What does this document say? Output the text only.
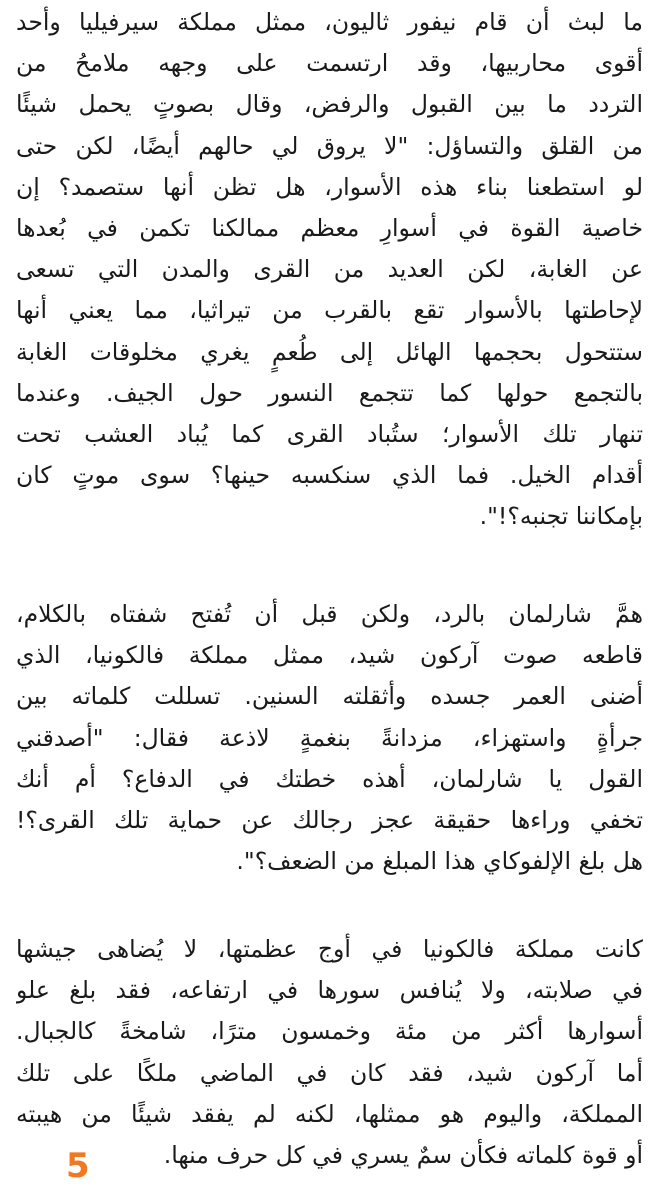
ما لبث أن قام نيفور ثاليون، ممثل مملكة سيرفيليا وأحد
أقوى محاربيها، وقد ارتسمت على وجهه ملامحُ من
التردد ما بين القبول والرفض، وقال بصوتٍ يحمل شيئًا
من القلق والتساؤل: "لا يروق لي حالهم أيضًا، لكن حتى
لو استطعنا بناء هذه الأسوار، هل تظن أنها ستصمد؟ إن
خاصية القوة في أسوارِ معظم ممالكنا تكمن في بُعدها
عن الغابة، لكن العديد من القرى والمدن التي تسعى
لإحاطتها بالأسوار تقع بالقرب من تيراثيا، مما يعني أنها
ستتحول بحجمها الهائل إلى طُعمٍ يغري مخلوقات الغابة
بالتجمع حولها كما تتجمع النسور حول الجيف. وعندما
تنهار تلك الأسوار؛ ستُباد القرى كما يُباد العشب تحت
أقدام الخيل. فما الذي سنكسبه حينها؟ سوى موتٍ كان
بإمكاننا تجنبه؟!".
همَّ شارلمان بالرد، ولكن قبل أن تُفتح شفتاه بالكلام،
قاطعه صوت آركون شيد، ممثل مملكة فالكونيا، الذي
أضنى العمر جسده وأثقلته السنين. تسللت كلماته بين
جرأةٍ واستهزاء، مزدانةً بنغمةٍ لاذعة فقال: "أصدقني
القول يا شارلمان، أهذه خطتك في الدفاع؟ أم أنك
تخفي وراءها حقيقة عجز رجالك عن حماية تلك القرى؟!
هل بلغ الإلفوكاي هذا المبلغ من الضعف؟".
كانت مملكة فالكونيا في أوج عظمتها، لا يُضاهى جيشها
في صلابته، ولا يُنافس سورها في ارتفاعه، فقد بلغ علو
أسوارها أكثر من مئة وخمسون مترًا، شامخةً كالجبال.
أما آركون شيد، فقد كان في الماضي ملكًا على تلك
المملكة، واليوم هو ممثلها، لكنه لم يفقد شيئًا من هيبته
أو قوة كلماته فكأن سمٌ يسري في كل حرف منها.
5
